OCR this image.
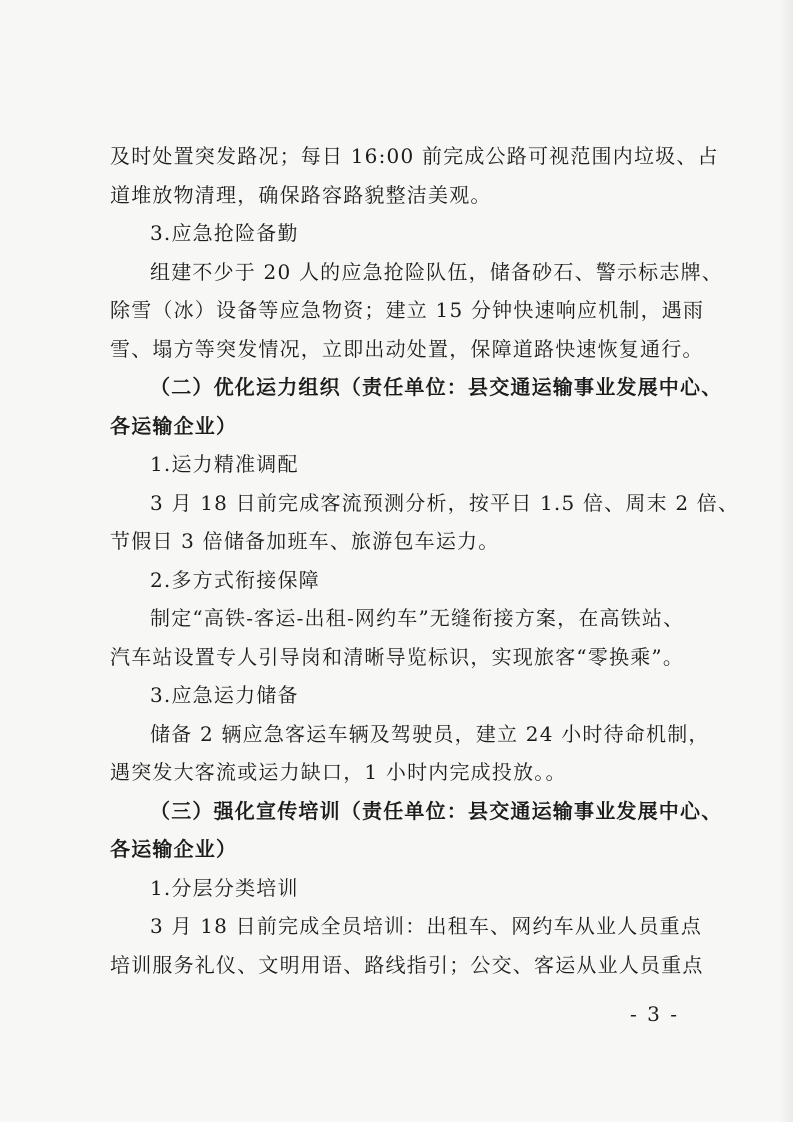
及时处置突发路况；每日 16:00 前完成公路可视范围内垃圾、占
道堆放物清理，确保路容路貌整洁美观。
3.应急抢险备勤
组建不少于 20 人的应急抢险队伍，储备砂石、警示标志牌、
除雪（冰）设备等应急物资；建立 15 分钟快速响应机制，遇雨
雪、塌方等突发情况，立即出动处置，保障道路快速恢复通行。
（二）优化运力组织（责任单位：县交通运输事业发展中心、
各运输企业）
1.运力精准调配
3 月 18 日前完成客流预测分析，按平日 1.5 倍、周末 2 倍、
节假日 3 倍储备加班车、旅游包车运力。
2.多方式衔接保障
制定“高铁-客运-出租-网约车”无缝衔接方案，在高铁站、
汽车站设置专人引导岗和清晰导览标识，实现旅客“零换乘”。
3.应急运力储备
储备 2 辆应急客运车辆及驾驶员，建立 24 小时待命机制，
遇突发大客流或运力缺口，1 小时内完成投放。。
（三）强化宣传培训（责任单位：县交通运输事业发展中心、
各运输企业）
1.分层分类培训
3 月 18 日前完成全员培训：出租车、网约车从业人员重点
培训服务礼仪、文明用语、路线指引；公交、客运从业人员重点
- 3 -
